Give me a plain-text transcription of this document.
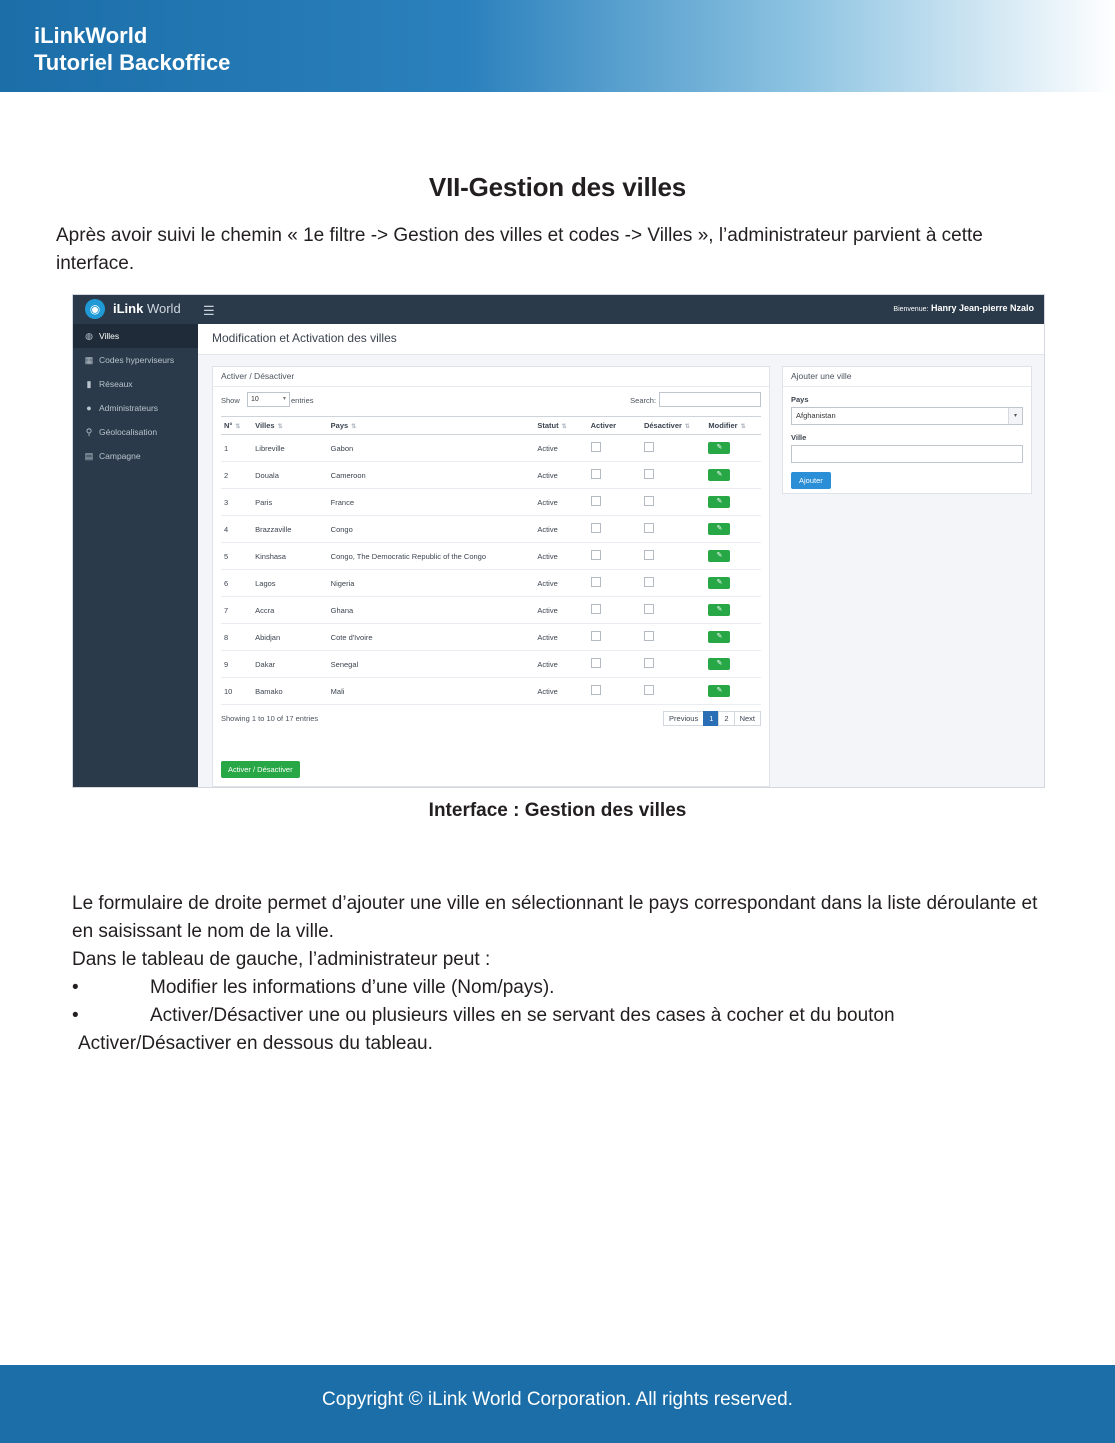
iLinkWorld
Tutoriel Backoffice
VII-Gestion des villes
Après avoir suivi le chemin « 1e filtre -> Gestion des villes et codes -> Villes », l’administrateur parvient à cette interface.
◉ iLink World ☰	Bienvenue: Hanry Jean-pierre Nzalo
◍ Villes
▦ Codes hyperviseurs
▮ Réseaux
● Administrateurs
⚲ Géolocalisation
▤ Campagne
Modification et Activation des villes
Activer / Désactiver
Show	10	▾ entries	Search:
N° ⇅	Villes ⇅	Pays ⇅	Statut ⇅	Activer	Désactiver ⇅	Modifier ⇅
1	Libreville	Gabon	Active			✎
2	Douala	Cameroon	Active			✎
3	Paris	France	Active			✎
4	Brazzaville	Congo	Active			✎
5	Kinshasa	Congo, The Democratic Republic of the Congo	Active			✎
6	Lagos	Nigeria	Active			✎
7	Accra	Ghana	Active			✎
8	Abidjan	Cote d'Ivoire	Active			✎
9	Dakar	Senegal	Active			✎
10	Bamako	Mali	Active			✎
Showing 1 to 10 of 17 entries	Previous	1	2	Next
Activer / Désactiver
Ajouter une ville
Pays
Afghanistan	▾
Ville
Ajouter
Interface : Gestion des villes
Le formulaire de droite permet d’ajouter une ville en sélectionnant le pays correspondant dans la liste déroulante et en saisissant le nom de la ville.
Dans le tableau de gauche, l’administrateur peut :
•	Modifier les informations d’une ville (Nom/pays).
•	Activer/Désactiver une ou plusieurs villes en se servant des cases à cocher et du bouton
Activer/Désactiver en dessous du tableau.
Copyright © iLink World Corporation. All rights reserved.
